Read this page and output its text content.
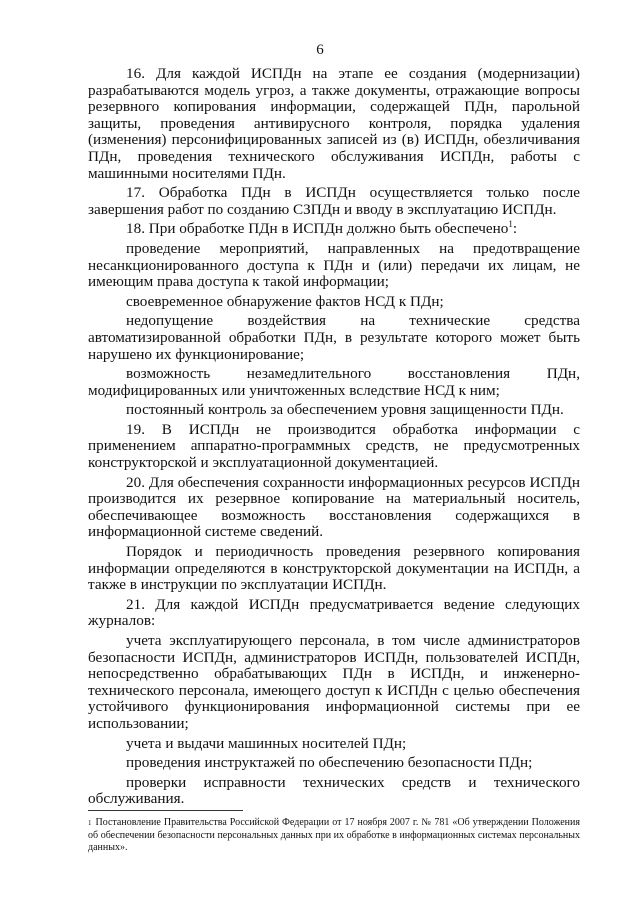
6

16. Для каждой ИСПДн на этапе ее создания (модернизации) разрабатываются модель угроз, а также документы, отражающие вопросы резервного копирования информации, содержащей ПДн, парольной защиты, проведения антивирусного контроля, порядка удаления (изменения) персонифицированных записей из (в) ИСПДн, обезличивания ПДн, проведения технического обслуживания ИСПДн, работы с машинными носителями ПДн.

17. Обработка ПДн в ИСПДн осуществляется только после завершения работ по созданию СЗПДн и вводу в эксплуатацию ИСПДн.

18. При обработке ПДн в ИСПДн должно быть обеспечено$^1$:

проведение мероприятий, направленных на предотвращение несанкционированного доступа к ПДн и (или) передачи их лицам, не имеющим права доступа к такой информации;

своевременное обнаружение фактов НСД к ПДн;

недопущение воздействия на технические средства автоматизированной обработки ПДн, в результате которого может быть нарушено их функционирование;

возможность незамедлительного восстановления ПДн, модифицированных или уничтоженных вследствие НСД к ним;

постоянный контроль за обеспечением уровня защищенности ПДн.

19. В ИСПДн не производится обработка информации с применением аппаратно-программных средств, не предусмотренных конструкторской и эксплуатационной документацией.

20. Для обеспечения сохранности информационных ресурсов ИСПДн производится их резервное копирование на материальный носитель, обеспечивающее возможность восстановления содержащихся в информационной системе сведений.

Порядок и периодичность проведения резервного копирования информации определяются в конструкторской документации на ИСПДн, а также в инструкции по эксплуатации ИСПДн.

21. Для каждой ИСПДн предусматривается ведение следующих журналов:

учета эксплуатирующего персонала, в том числе администраторов безопасности ИСПДн, администраторов ИСПДн, пользователей ИСПДн, непосредственно обрабатывающих ПДн в ИСПДн, и инженерно-технического персонала, имеющего доступ к ИСПДн с целью обеспечения устойчивого функционирования информационной системы при ее использовании;

учета и выдачи машинных носителей ПДн;

проведения инструктажей по обеспечению безопасности ПДн;

проверки исправности технических средств и технического обслуживания.

$^1$ Постановление Правительства Российской Федерации от 17 ноября 2007 г. № 781 «Об утверждении Положения об обеспечении безопасности персональных данных при их обработке в информационных системах персональных данных».
